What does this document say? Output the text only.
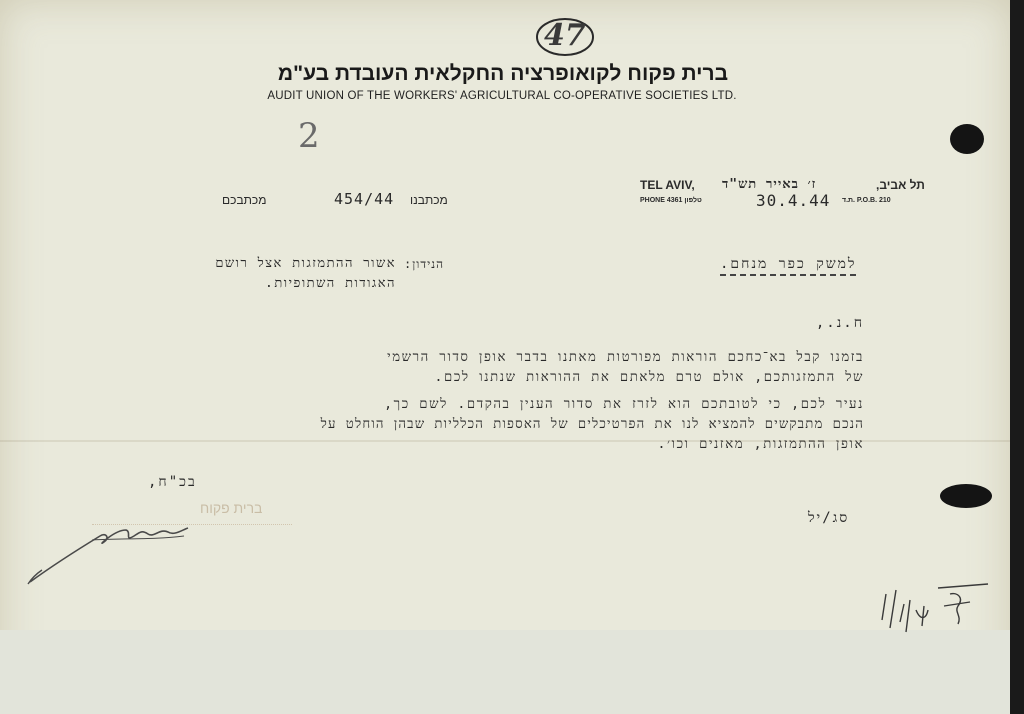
47
ברית פקוח לקואופרציה החקלאית העובדת בע"מ
AUDIT UNION OF THE WORKERS' AGRICULTURAL CO-OPERATIVE SOCIETIES LTD.
2
מכתבכם	454/44 מכתבנו
TEL AVIV, ז׳ באייר תש"ד	תל אביב,
PHONE 4361 טלפון	30.4.44 ת.ד. P.O.B. 210
למשק כפר מנחם.
הנידון:
אשור ההתמזגות אצל רושם
האגודות השתופיות.
ח.נ.,
בזמנו קבל בא־כחכם הוראות מפורטות מאתנו בדבר אופן סדור הרשמי
של התמזגותכם, אולם טרם מלאתם את ההוראות שנתנו לכם.
נעיר לכם, כי לטובתכם הוא לזרז את סדור הענין בהקדם. לשם כך,
הנכם מתבקשים להמציא לנו את הפרטיכלים של האספות הכלליות שבהן הוחלט על
אופן ההתמזגות, מאזנים וכו׳.
בכ"ח,
ברית פקוח
סג/יל
